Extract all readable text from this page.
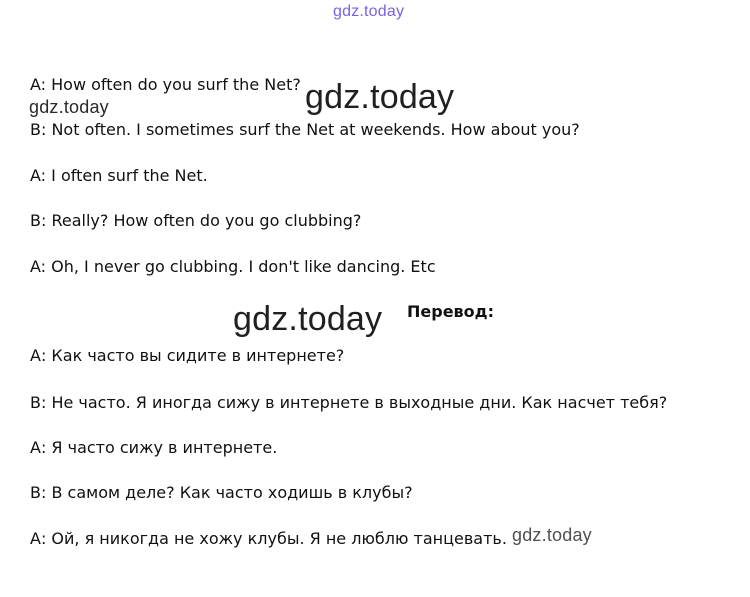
gdz.today
A: How often do you surf the Net? gdz.today
gdz.today
B: Not often. I sometimes surf the Net at weekends. How about you?
A: I often surf the Net.
B: Really? How often do you go clubbing?
A: Oh, I never go clubbing. I don't like dancing. Etc
gdz.today Перевод:
А: Как часто вы сидите в интернете?
В: Не часто. Я иногда сижу в интернете в выходные дни. Как насчет тебя?
А: Я часто сижу в интернете.
В: В самом деле? Как часто ходишь в клубы?
А: Ой, я никогда не хожу клубы. Я не люблю танцевать. gdz.today
